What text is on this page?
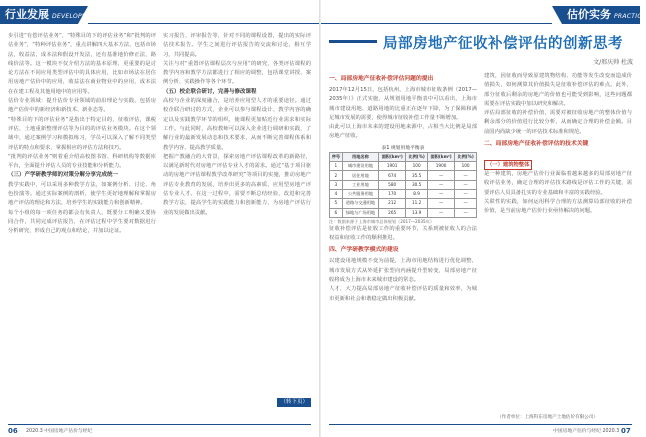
行业发展 DEVELOPMENT

步引进“有偿评估业务”，“特殊目的下的评估业务”和“批判的评估业务”，“特种评估业务”，重点讲解四大基本方法，包括市场法，收益法，成本法和假设开发法，还有基准地价修正法，路线价法等。这一模块不仅介绍方法的基本原理，更重要的是讨论方法在不同应用类型评估中的具体应用，比如市场法在居住用房地产估价中的应用，收益法在商业物业中的应用，成本法在在建工程及其他用地中的应用等。

估价专业领域：提升估价专业领域的前沿理论与实践，包括房地产估价中的新经济和新技术、新业态等。

“特殊目的下的评估业务”是指出于特定目的，征收评估，课税评估，土地重新整理评估等为目的的评估业务模块。在这个领域中，通过案例学习和模拟练习，学员可以深入了解不同类型评估的特点和要求，掌握相应的评估方法和技巧。

“批判的评估业务”则着重介绍高校图书馆、科研机构等数据库平台，全面提升评估人员的专业技能和分析能力。

（三）产学研教学师的对策分解分享完成统一

教学实践中，可以采用多种教学方法，如案例分析、讨论、角色扮演等。通过实际案例的剖析，使学生更好地理解和掌握房地产评估的理论和方法，培养学生的实践能力和创新精神。

每个小组的每一项任务的都会有负责人，既要分工明确又要协同合作，共同完成评估报告，在评估过程中学生要对数据进行分析研究，形成自己的观点和结论，并加以论证。

实习报告、评审报告等，针对不同的课程设置，提出的实际评估技术报告。学生之间进行评估报告的交流和讨论，相互学习，共同提高。

关注与对“重置评估课程层次与应用”的研究，各类评估课程的教学内容和教学方法都进行了相应的调整，包括课堂讲授、案例分析、实践操作等各个环节。

（五）校企联合研讨，完善与修改课程

高校与企业的深度融合，是培养应用型人才的重要途径。通过校企联合研讨的方式，企业可以参与课程设计、教学内容的确定以及实践教学环节的组织，使课程更加贴近行业需求和实际工作。与此同时，高校教师可以深入企业进行调研和实践，了解行业的最新发展动态和技术要求，从而不断完善课程体系和教学内容，提高教学质量。

把握产教融合的大背景，探索房地产评估课程改革的新路径，以满足新时代对房地产评估专业人才的需求。通过“基于项目驱动的房地产评估课程教学改革研究”等项目的实施，推动房地产评估专业教育的发展，培养出更多的高素质、应用型房地产评估专业人才。在这一过程中，需要不断总结经验，改进和完善教学方法，提高学生的实践能力和创新能力，为房地产评估行业的发展做出贡献。

（转下页）
06 2020.3 中国房地产估价与经纪
估价实务 PRACTICE
局部房地产征收补偿评估的创新思考
文/邢庆帅 杜波

一、局部房地产征收补偿评估问题的提出

2017年12月15日，包括杭州、上海市城市征收条例（2017—2035年）》正式实施，从规划用地平衡表中可以看出，上海市城市建设用地、道路用地的比重正在逐年下降，为了保障和满足城市发展的需要，使得城市征收补偿工作量不断增加。

由此可以上海市未来的建设用地来源中，占相当大比例是局部房地产征收。

表1 规划用地平衡表
序号	用地名称	面积(km²)	比例(%)	面积(km²)	比例(%)
1	城市建设用地	1901	100	1900	100
2	居住用地	674	35.5	—	—
3	工业用地	580	30.5	—	—
4	公共服务用地	170	8.9	—	—
5	道路与交通用地	212	11.2	—	—
6	绿地与广场用地	265	13.9	—	—
注：数据来源于上海市城市总体规划（2017—2035年）

征收补偿评估是征收工作的重要环节，关系到被征收人的合法权益和征收工作的顺利推进。

四、产学研教学模式的建设

以建设用地规模不变为前提，上海市用地结构进行优化调整，城市发展方式从外延扩张型向内涵提升型转变，局部房地产征收将成为上海市未来城市建设的常态。

人才，大力提高局部房地产征收补偿评估的质量和效率，为城市更新和社会和谐稳定做出积极贡献。

建筑，因征收而导致原建筑物结构、功能等发生改变而造成价值损失，如何测算其价值损失是征收补偿评估的难点。此外，部分征收后剩余的房地产的价值也可能受到影响，这些问题都需要在评估实践中加以研究和解决。

评估局部征收的补偿价值，需要对被征收房地产的整体价值与剩余部分的价值进行比较分析，从而确定合理的补偿金额。目前国内尚缺少统一的评估技术标准和规范。

二、局部房地产征收补偿评估的技术关键

（一）建筑物整体

是一种建筑，房地产估价行业面临着越来越多的局部房地产征收评估业务，确定合理的评估技术路线是评估工作的关键，需要评估人员具备扎实的专业基础和丰富的实践经验。

关联性的实践，如何运用科学合理的方法测算局部征收的补偿价值，是当前房地产估价行业亟待解决的问题。

（作者单位：上海科东房地产土地估价有限公司）
中国房地产估价与经纪 2020.3 07
